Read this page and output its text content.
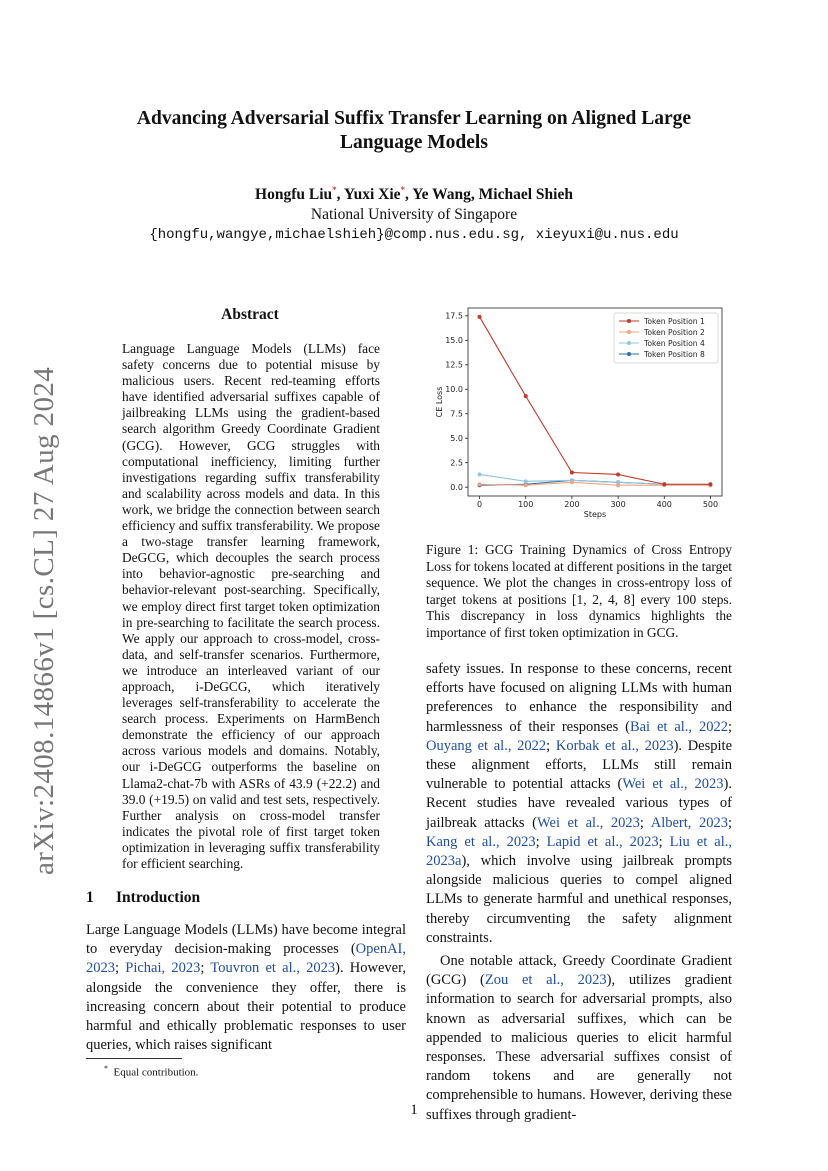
arXiv:2408.14866v1 [cs.CL] 27 Aug 2024
Advancing Adversarial Suffix Transfer Learning on Aligned Large Language Models
Hongfu Liu*, Yuxi Xie*, Ye Wang, Michael Shieh
National University of Singapore
{hongfu,wangye,michaelshieh}@comp.nus.edu.sg, xieyuxi@u.nus.edu
Abstract
Language Language Models (LLMs) face safety concerns due to potential misuse by malicious users. Recent red-teaming efforts have identified adversarial suffixes capable of jailbreaking LLMs using the gradient-based search algorithm Greedy Coordinate Gradient (GCG). However, GCG struggles with computational inefficiency, limiting further investigations regarding suffix transferability and scalability across models and data. In this work, we bridge the connection between search efficiency and suffix transferability. We propose a two-stage transfer learning framework, DeGCG, which decouples the search process into behavior-agnostic pre-searching and behavior-relevant post-searching. Specifically, we employ direct first target token optimization in pre-searching to facilitate the search process. We apply our approach to cross-model, cross-data, and self-transfer scenarios. Furthermore, we introduce an interleaved variant of our approach, i-DeGCG, which iteratively leverages self-transferability to accelerate the search process. Experiments on HarmBench demonstrate the efficiency of our approach across various models and domains. Notably, our i-DeGCG outperforms the baseline on Llama2-chat-7b with ASRs of 43.9 (+22.2) and 39.0 (+19.5) on valid and test sets, respectively. Further analysis on cross-model transfer indicates the pivotal role of first target token optimization in leveraging suffix transferability for efficient searching.
1 Introduction
Large Language Models (LLMs) have become integral to everyday decision-making processes (OpenAI, 2023; Pichai, 2023; Touvron et al., 2023). However, alongside the convenience they offer, there is increasing concern about their potential to produce harmful and ethically problematic responses to user queries, which raises significant
* Equal contribution.
1
0.0
2.5
5.0
7.5
10.0
12.5
15.0
17.5
0	100	200	300	400	500
Steps
CE Loss
Token Position 1
Token Position 2
Token Position 4
Token Position 8
Figure 1: GCG Training Dynamics of Cross Entropy Loss for tokens located at different positions in the target sequence. We plot the changes in cross-entropy loss of target tokens at positions [1, 2, 4, 8] every 100 steps. This discrepancy in loss dynamics highlights the importance of first token optimization in GCG.

safety issues. In response to these concerns, recent efforts have focused on aligning LLMs with human preferences to enhance the responsibility and harmlessness of their responses (Bai et al., 2022; Ouyang et al., 2022; Korbak et al., 2023). Despite these alignment efforts, LLMs still remain vulnerable to potential attacks (Wei et al., 2023). Recent studies have revealed various types of jailbreak attacks (Wei et al., 2023; Albert, 2023; Kang et al., 2023; Lapid et al., 2023; Liu et al., 2023a), which involve using jailbreak prompts alongside malicious queries to compel aligned LLMs to generate harmful and unethical responses, thereby circumventing the safety alignment constraints.

One notable attack, Greedy Coordinate Gradient (GCG) (Zou et al., 2023), utilizes gradient information to search for adversarial prompts, also known as adversarial suffixes, which can be appended to malicious queries to elicit harmful responses. These adversarial suffixes consist of random tokens and are generally not comprehensible to humans. However, deriving these suffixes through gradient-
